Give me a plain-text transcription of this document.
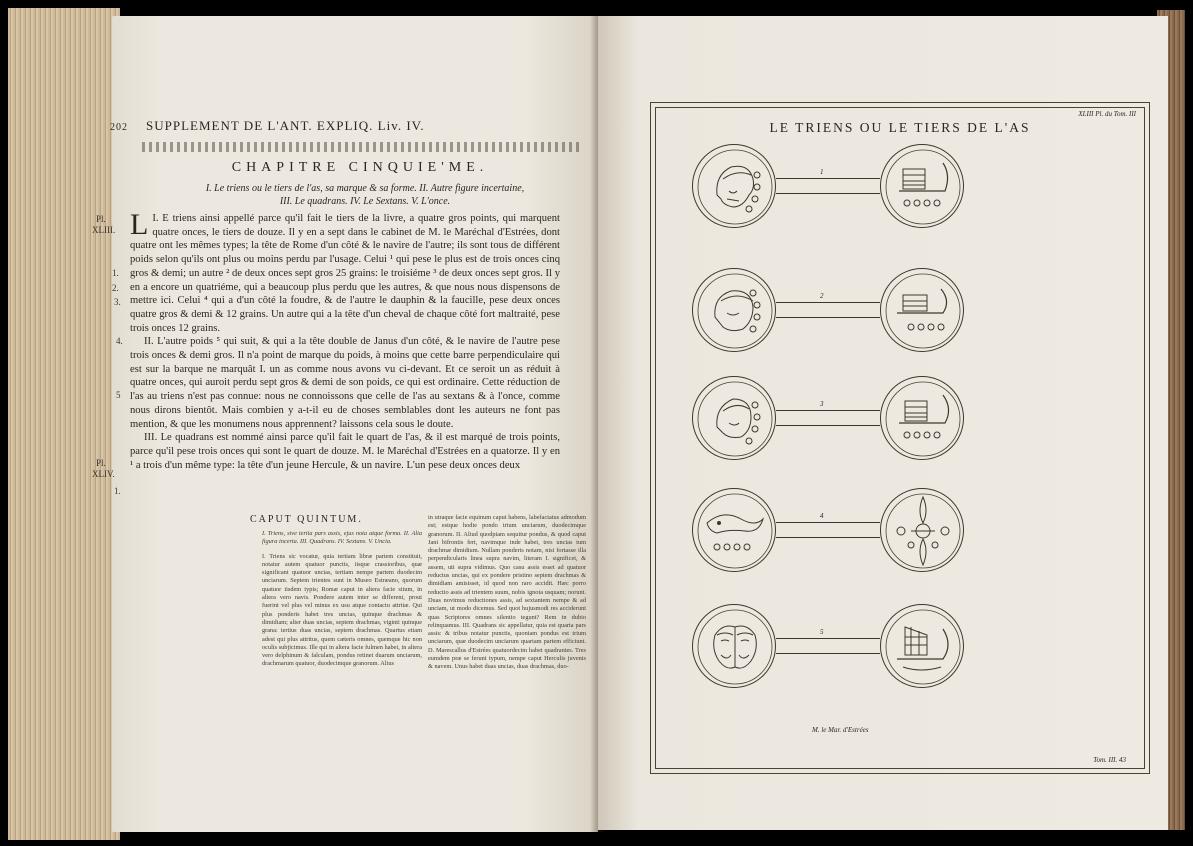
202 SUPPLEMENT DE L'ANT. EXPLIQ. Liv. IV.
CHAPITRE CINQUIE'ME.
I. Le triens ou le tiers de l'as, sa marque & sa forme. II. Autre figure incertaine,
III. Le quadrans. IV. Le Sextans. V. L'once.
Pl.
XLIII.
1.
2.
3.
4.
5
Pl.
XLIV.
1.

L I. E triens ainsi appellé parce qu'il fait le tiers de la livre, a quatre gros points, qui marquent quatre onces, le tiers de douze. Il y en a sept dans le cabinet de M. le Maréchal d'Estrées, dont quatre ont les mêmes types; la tête de Rome d'un côté & le navire de l'autre; ils sont tous de différent poids selon qu'ils ont plus ou moins perdu par l'usage. Celui ¹ qui pese le plus est de trois onces cinq gros & demi; un autre ² de deux onces sept gros 25 grains: le troisiéme ³ de deux onces sept gros. Il y en a encore un quatriéme, qui a beaucoup plus perdu que les autres, & que nous nous dispensons de mettre ici. Celui ⁴ qui a d'un côté la foudre, & de l'autre le dauphin & la faucille, pese deux onces quatre gros & demi & 12 grains. Un autre qui a la tête d'un cheval de chaque côté fort maltraité, pese trois onces 12 grains.

II. L'autre poids ⁵ qui suit, & qui a la tête double de Janus d'un côté, & le navire de l'autre pese trois onces & demi gros. Il n'a point de marque du poids, à moins que cette barre perpendiculaire qui est sur la barque ne marquât I. un as comme nous avons vu ci-devant. Et ce seroit un as réduit à quatre onces, qui auroit perdu sept gros & demi de son poids, ce qui est ordinaire. Cette réduction de l'as au triens n'est pas connue: nous ne connoissons que celle de l'as au sextans & à l'once, comme nous dirons bientôt. Mais combien y a-t-il eu de choses semblables dont les auteurs ne font pas mention, & que les monumens nous apprennent? laissons cela sous le doute.

III. Le quadrans est nommé ainsi parce qu'il fait le quart de l'as, & il est marqué de trois points, parce qu'il pese trois onces qui sont le quart de douze. M. le Maréchal d'Estrées en a quatorze. Il y en ¹ a trois d'un même type: la tête d'un jeune Hercule, & un navire. L'un pese deux onces deux

CAPUT QUINTUM.
I. Triens, sive tertia pars assis, ejus nota atque forma. II. Alia figura incerta. III. Quadrans. IV. Sextans. V. Uncia.
I. Triens sic vocatur, quia tertiam libræ partem constituit, notatur autem quatuor punctis, iisque crassioribus, quæ significant quatuor uncias, tertiam nempe partem duodecim unciarum. Septem trientes sunt in Museo Estræano, quorum quatuor iisdem typis; Romæ caput in altera facie situm, in altera vero navis. Pondere autem inter se different, prout fuerint vel plus vel minus ex usu atque contactu attritæ. Qui plus ponderis habet tres uncias, quinque drachmas & dimidiam; alter duas uncias, septem drachmas, viginti quinque grana: tertius duas uncias, septem drachmas. Quartus etiam adest qui plus attritus, quem cæteris omnes, quemque hic non oculis subjicimus. Ille qui in altera facie fulmen habet, in altera vero delphinum & falculam, pondus retinet duarum unciarum, drachmarum quatuor, duodecimque granorum. Alius
in utraque facie equinum caput habens, labefactatus admodum est; estque hodie pondo trium unciarum, duodecimque granorum. II. Aliud quodpiam sequitur pondus, & quod caput Jani bifrontis fert, navimque inde habet, tres uncias tum drachmæ dimidium. Nullam ponderis notam, nisi fortasse illa perpendicularis linea supra navim, literam I. significet, & assem, uti supra vidimus. Quo casu assis esset ad quatuor reductus uncias, qui ex pondere pristino septem drachmas & dimidiam amisisset, id quod non raro accidit. Hæc porro reductio assis ad trientem suum, nobis ignota usquam; norunt. Duas novimus reductiones assis, ad sextantem nempe & ad unciam, ut modo dicemus. Sed quot hujusmodi res acciderunt quas Scriptores omnes silentio tegunt? Rem in dubio relinquamus. III. Quadrans sic appellatur, quia est quarta pars assis: & tribus notatur punctis, quoniam pondus est trium unciarum, quæ duodecim unciarum quartam partem efficiunt. D. Marescallus d'Estrées quatuordecim habet quadrantes. Tres eumdem præ se ferunt typum, nempe caput Herculis juvenis & navem. Unus habet duas uncias, duas drachmas, duo-
XLIII Pl. du Tom. III
LE TRIENS OU LE TIERS DE L'AS
1
2
3
4
5
M. le Mar. d'Estrées
Tom. III. 43
